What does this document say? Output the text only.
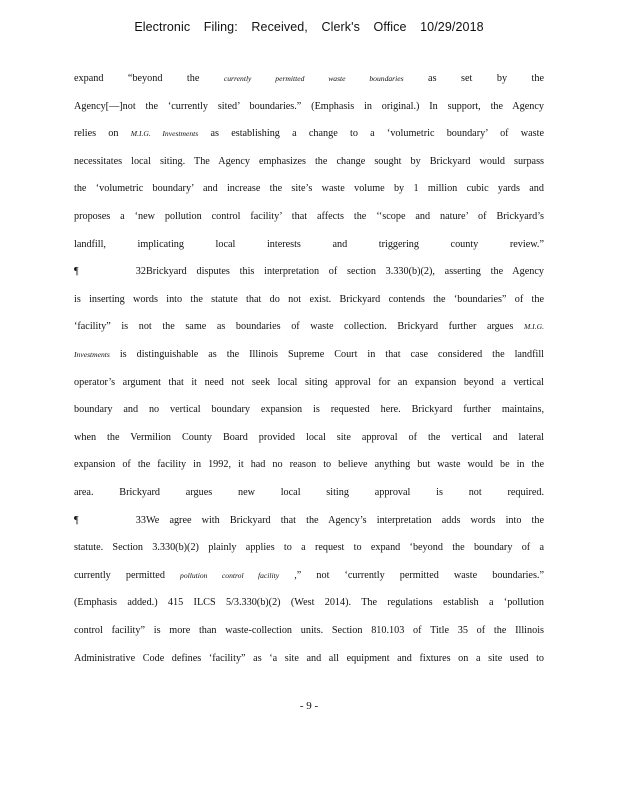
Electronic Filing: Received, Clerk's Office 10/29/2018
expand “beyond the currently permitted waste boundaries as set by the
Agency[—]not the ‘currently sited’ boundaries.” (Emphasis in original.) In support, the Agency
relies on M.I.G. Investments as establishing a change to a ‘volumetric boundary’ of waste
necessitates local siting. The Agency emphasizes the change sought by Brickyard would surpass
the ‘volumetric boundary’ and increase the site’s waste volume by 1 million cubic yards and
proposes a ‘new pollution control facility’ that affects the ‘‘scope and nature’ of Brickyard’s
landfill, implicating local interests and triggering county review.”
¶ 32Brickyard disputes this interpretation of section 3.330(b)(2), asserting the Agency
is inserting words into the statute that do not exist. Brickyard contends the ‘boundaries” of the
‘facility” is not the same as boundaries of waste collection. Brickyard further argues M.I.G.
Investments is distinguishable as the Illinois Supreme Court in that case considered the landfill
operator’s argument that it need not seek local siting approval for an expansion beyond a vertical
boundary and no vertical boundary expansion is requested here. Brickyard further maintains,
when the Vermilion County Board provided local site approval of the vertical and lateral
expansion of the facility in 1992, it had no reason to believe anything but waste would be in the
area. Brickyard argues new local siting approval is not required.
¶ 33We agree with Brickyard that the Agency’s interpretation adds words into the
statute. Section 3.330(b)(2) plainly applies to a request to expand ‘beyond the boundary of a
currently permitted pollution control facility ,” not ‘currently permitted waste boundaries.”
(Emphasis added.) 415 ILCS 5/3.330(b)(2) (West 2014). The regulations establish a ‘pollution
control facility” is more than waste-collection units. Section 810.103 of Title 35 of the Illinois
Administrative Code defines ‘facility” as ‘a site and all equipment and fixtures on a site used to
- 9 -
